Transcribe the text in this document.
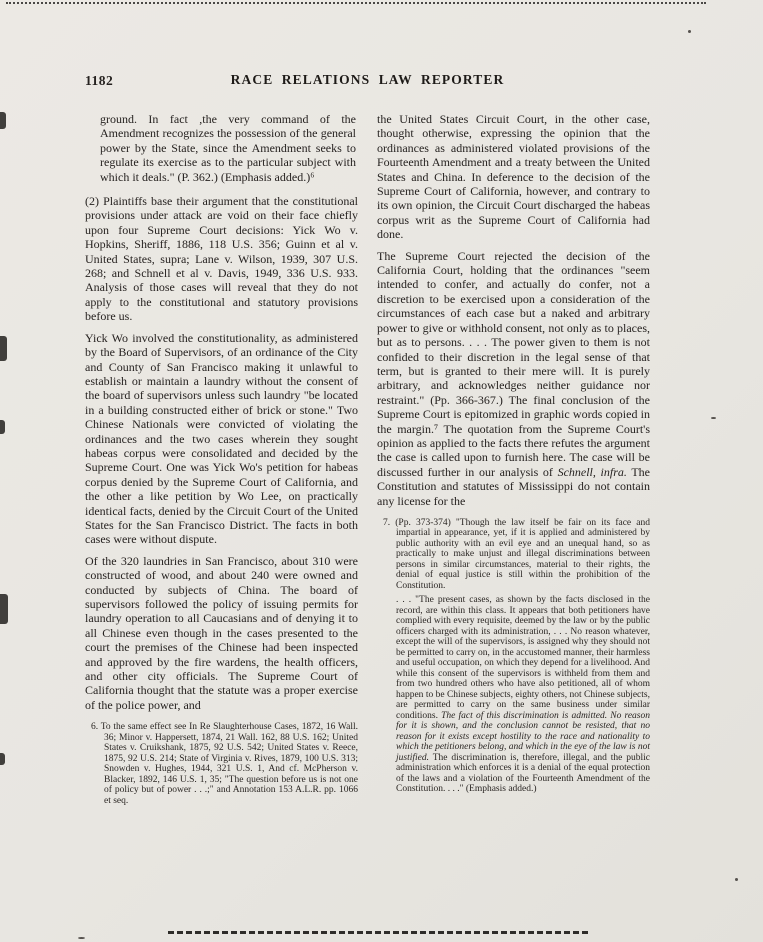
1182	RACE RELATIONS LAW REPORTER

ground. In fact ,the very command of the Amendment recognizes the possession of the general power by the State, since the Amendment seeks to regulate its exercise as to the particular subject with which it deals." (P. 362.) (Emphasis added.)⁶

(2) Plaintiffs base their argument that the constitutional provisions under attack are void on their face chiefly upon four Supreme Court decisions: Yick Wo v. Hopkins, Sheriff, 1886, 118 U.S. 356; Guinn et al v. United States, supra; Lane v. Wilson, 1939, 307 U.S. 268; and Schnell et al v. Davis, 1949, 336 U.S. 933. Analysis of those cases will reveal that they do not apply to the constitutional and statutory provisions before us.

Yick Wo involved the constitutionality, as administered by the Board of Supervisors, of an ordinance of the City and County of San Francisco making it unlawful to establish or maintain a laundry without the consent of the board of supervisors unless such laundry "be located in a building constructed either of brick or stone." Two Chinese Nationals were convicted of violating the ordinances and the two cases wherein they sought habeas corpus were consolidated and decided by the Supreme Court. One was Yick Wo's petition for habeas corpus denied by the Supreme Court of California, and the other a like petition by Wo Lee, on practically identical facts, denied by the Circuit Court of the United States for the San Francisco District. The facts in both cases were without dispute.

Of the 320 laundries in San Francisco, about 310 were constructed of wood, and about 240 were owned and conducted by subjects of China. The board of supervisors followed the policy of issuing permits for laundry operation to all Caucasians and of denying it to all Chinese even though in the cases presented to the court the premises of the Chinese had been inspected and approved by the fire wardens, the health officers, and other city officials. The Supreme Court of California thought that the statute was a proper exercise of the police power, and

6. To the same effect see In Re Slaughterhouse Cases, 1872, 16 Wall. 36; Minor v. Happersett, 1874, 21 Wall. 162, 88 U.S. 162; United States v. Cruikshank, 1875, 92 U.S. 542; United States v. Reece, 1875, 92 U.S. 214; State of Virginia v. Rives, 1879, 100 U.S. 313; Snowden v. Hughes, 1944, 321 U.S. 1, And cf. McPherson v. Blacker, 1892, 146 U.S. 1, 35; "The question before us is not one of policy but of power . . .;" and Annotation 153 A.L.R. pp. 1066 et seq.

the United States Circuit Court, in the other case, thought otherwise, expressing the opinion that the ordinances as administered violated provisions of the Fourteenth Amendment and a treaty between the United States and China. In deference to the decision of the Supreme Court of California, however, and contrary to its own opinion, the Circuit Court discharged the habeas corpus writ as the Supreme Court of California had done.

The Supreme Court rejected the decision of the California Court, holding that the ordinances "seem intended to confer, and actually do confer, not a discretion to be exercised upon a consideration of the circumstances of each case but a naked and arbitrary power to give or withhold consent, not only as to places, but as to persons. . . . The power given to them is not confided to their discretion in the legal sense of that term, but is granted to their mere will. It is purely arbitrary, and acknowledges neither guidance nor restraint." (Pp. 366-367.) The final conclusion of the Supreme Court is epitomized in graphic words copied in the margin.⁷ The quotation from the Supreme Court's opinion as applied to the facts there refutes the argument the case is called upon to furnish here. The case will be discussed further in our analysis of Schnell, infra. The Constitution and statutes of Mississippi do not contain any license for the

7. (Pp. 373-374) "Though the law itself be fair on its face and impartial in appearance, yet, if it is applied and administered by public authority with an evil eye and an unequal hand, so as practically to make unjust and illegal discriminations between persons in similar circumstances, material to their rights, the denial of equal justice is still within the prohibition of the Constitution.

. . . "The present cases, as shown by the facts disclosed in the record, are within this class. It appears that both petitioners have complied with every requisite, deemed by the law or by the public officers charged with its administration, . . . No reason whatever, except the will of the supervisors, is assigned why they should not be permitted to carry on, in the accustomed manner, their harmless and useful occupation, on which they depend for a livelihood. And while this consent of the supervisors is withheld from them and from two hundred others who have also petitioned, all of whom happen to be Chinese subjects, eighty others, not Chinese subjects, are permitted to carry on the same business under similar conditions. The fact of this discrimination is admitted. No reason for it is shown, and the conclusion cannot be resisted, that no reason for it exists except hostility to the race and nationality to which the petitioners belong, and which in the eye of the law is not justified. The discrimination is, therefore, illegal, and the public administration which enforces it is a denial of the equal protection of the laws and a violation of the Fourteenth Amendment of the Constitution. . . ." (Emphasis added.)
